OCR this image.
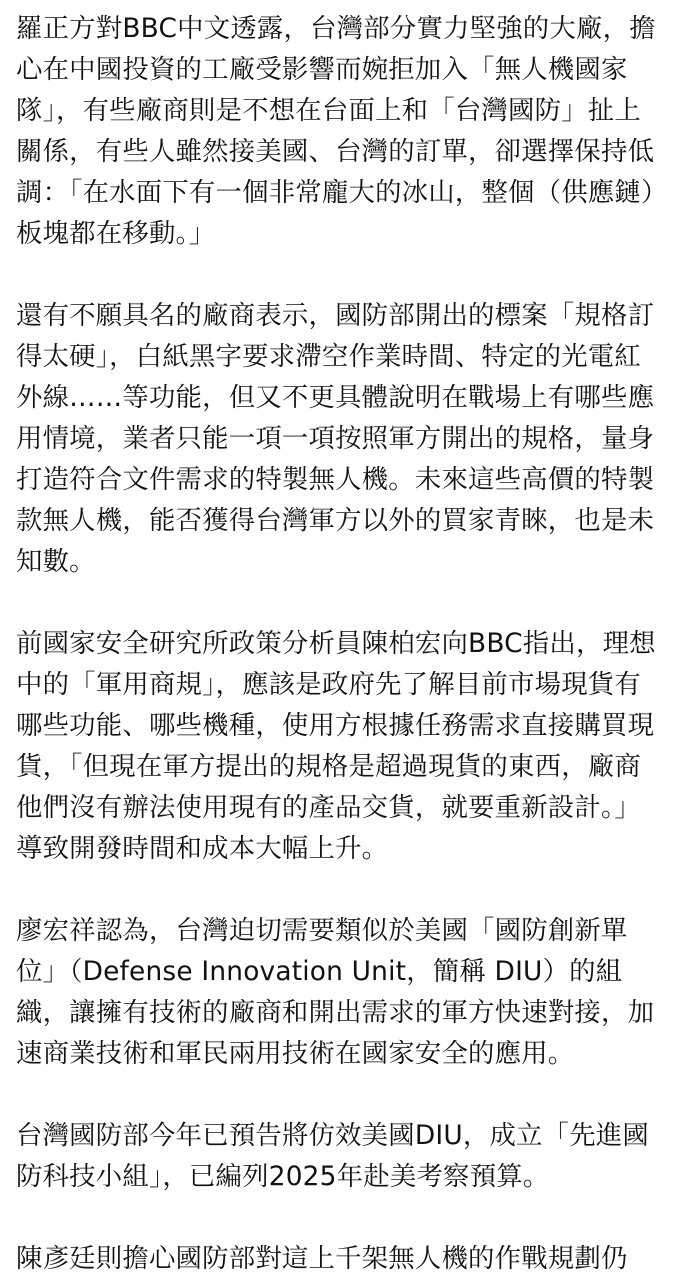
羅正方對BBC中文透露，台灣部分實力堅強的大廠，擔心在中國投資的工廠受影響而婉拒加入「無人機國家隊」，有些廠商則是不想在台面上和「台灣國防」扯上關係，有些人雖然接美國、台灣的訂單，卻選擇保持低調：「在水面下有一個非常龐大的冰山，整個（供應鏈）板塊都在移動。」

還有不願具名的廠商表示，國防部開出的標案「規格訂得太硬」，白紙黑字要求滯空作業時間、特定的光電紅外線……等功能，但又不更具體說明在戰場上有哪些應用情境，業者只能一項一項按照軍方開出的規格，量身打造符合文件需求的特製無人機。未來這些高價的特製款無人機，能否獲得台灣軍方以外的買家青睞，也是未知數。

前國家安全研究所政策分析員陳柏宏向BBC指出，理想中的「軍用商規」，應該是政府先了解目前市場現貨有哪些功能、哪些機種，使用方根據任務需求直接購買現貨，「但現在軍方提出的規格是超過現貨的東西，廠商他們沒有辦法使用現有的產品交貨，就要重新設計。」導致開發時間和成本大幅上升。

廖宏祥認為，台灣迫切需要類似於美國「國防創新單位」（Defense Innovation Unit，簡稱 DIU）的組織，讓擁有技術的廠商和開出需求的軍方快速對接，加速商業技術和軍民兩用技術在國家安全的應用。

台灣國防部今年已預告將仿效美國DIU，成立「先進國防科技小組」，已編列2025年赴美考察預算。

陳彥廷則擔心國防部對這上千架無人機的作戰規劃仍
